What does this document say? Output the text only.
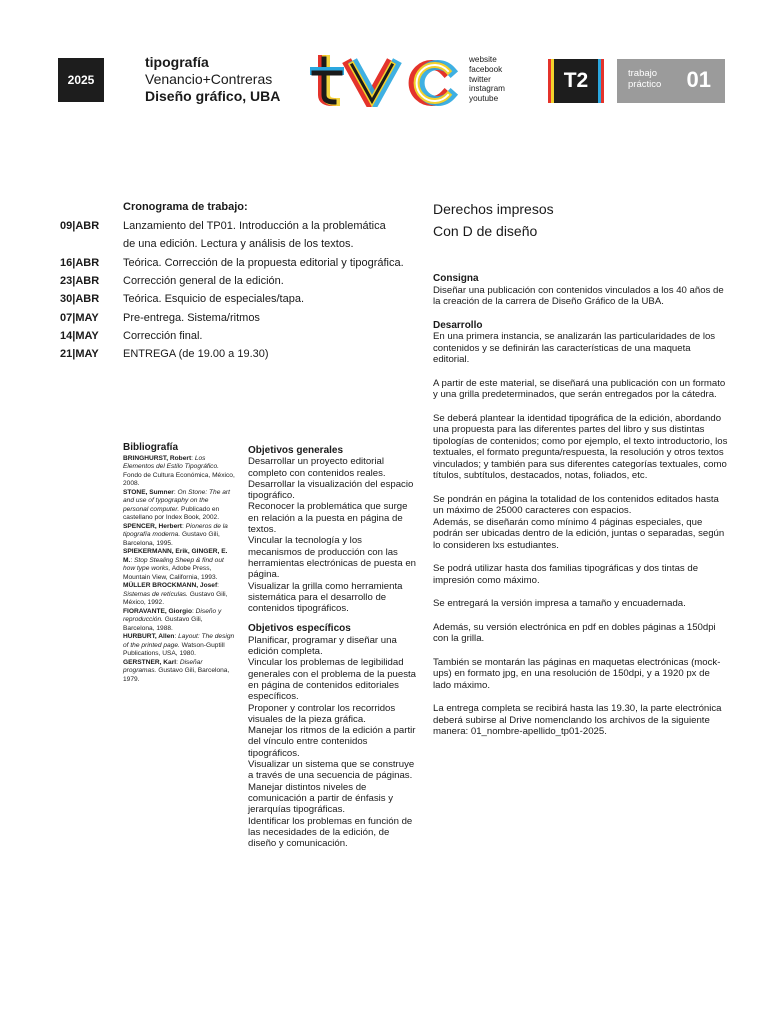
2025
tipografía
Venancio+Contreras
Diseño gráfico, UBA
website
facebook
twitter
instagram
youtube
T2	trabajo
práctico 01
Cronograma de trabajo:
09|ABR	Lanzamiento del TP01. Introducción a la problemática
de una edición. Lectura y análisis de los textos.
16|ABR	Teórica. Corrección de la propuesta editorial y tipográfica.
23|ABR	Corrección general de la edición.
30|ABR	Teórica. Esquicio de especiales/tapa.
07|MAY	Pre-entrega. Sistema/ritmos
14|MAY	Corrección final.
21|MAY	ENTREGA (de 19.00 a 19.30)
Bibliografía
BRINGHURST, Robert: Los Elementos del Estilo Tipográfico. Fondo de Cultura Económica, México, 2008.
STONE, Sumner: On Stone: The art and use of typography on the personal computer. Publicado en castellano por Index Book, 2002.
SPENCER, Herbert: Pioneros de la tipografía moderna. Gustavo Gili, Barcelona, 1995.
SPIEKERMANN, Erik, GINGER, E. M.: Stop Stealing Sheep & find out how type works, Adobe Press, Mountain View, California, 1993.
MÜLLER BROCKMANN, Josef: Sistemas de retículas. Gustavo Gili, México, 1992.
FIORAVANTE, Giorgio: Diseño y reproducción. Gustavo Gili, Barcelona, 1988.
HURBURT, Allen: Layout: The design of the printed page. Watson-Guptill Publications, USA, 1980.
GERSTNER, Karl: Diseñar programas. Gustavo Gili, Barcelona, 1979.
Objetivos generales
Desarrollar un proyecto editorial completo con contenidos reales.
Desarrollar la visualización del espacio tipográfico.
Reconocer la problemática que surge en relación a la puesta en página de textos.
Vincular la tecnología y los mecanismos de producción con las herramientas electrónicas de puesta en página.
Visualizar la grilla como herramienta sistemática para el desarrollo de contenidos tipográficos.
Objetivos específicos
Planificar, programar y diseñar una edición completa.
Vincular los problemas de legibilidad generales con el problema de la puesta en página de contenidos editoriales específicos.
Proponer y controlar los recorridos visuales de la pieza gráfica.
Manejar los ritmos de la edición a partir del vínculo entre contenidos tipográficos.
Visualizar un sistema que se construye a través de una secuencia de páginas.
Manejar distintos niveles de comunicación a partir de énfasis y jerarquías tipográficas.
Identificar los problemas en función de las necesidades de la edición, de diseño y comunicación.
Derechos impresos
Con D de diseño
Consigna
Diseñar una publicación con contenidos vinculados a los 40 años de la creación de la carrera de Diseño Gráfico de la UBA.
Desarrollo
En una primera instancia, se analizarán las particularidades de los contenidos y se definirán las características de una maqueta editorial.
A partir de este material, se diseñará una publicación con un formato y una grilla predeterminados, que serán entregados por la cátedra.
Se deberá plantear la identidad tipográfica de la edición, abordando una propuesta para las diferentes partes del libro y sus distintas tipologías de contenidos; como por ejemplo, el texto introductorio, los textuales, el formato pregunta/respuesta, la resolución y otros textos vinculados; y también para sus diferentes categorías textuales, como títulos, subtítulos, destacados, notas, foliados, etc.
Se pondrán en página la totalidad de los contenidos editados hasta un máximo de 25000 caracteres con espacios.
Además, se diseñarán como mínimo 4 páginas especiales, que podrán ser ubicadas dentro de la edición, juntas o separadas, según lo consideren lxs estudiantes.
Se podrá utilizar hasta dos familias tipográficas y dos tintas de impresión como máximo.
Se entregará la versión impresa a tamaño y encuadernada.
Además, su versión electrónica en pdf en dobles páginas a 150dpi con la grilla.
También se montarán las páginas en maquetas electrónicas (mock-ups) en formato jpg, en una resolución de 150dpi, y a 1920 px de lado máximo.
La entrega completa se recibirá hasta las 19.30, la parte electrónica deberá subirse al Drive nomenclando los archivos de la siguiente manera: 01_nombre-apellido_tp01-2025.
